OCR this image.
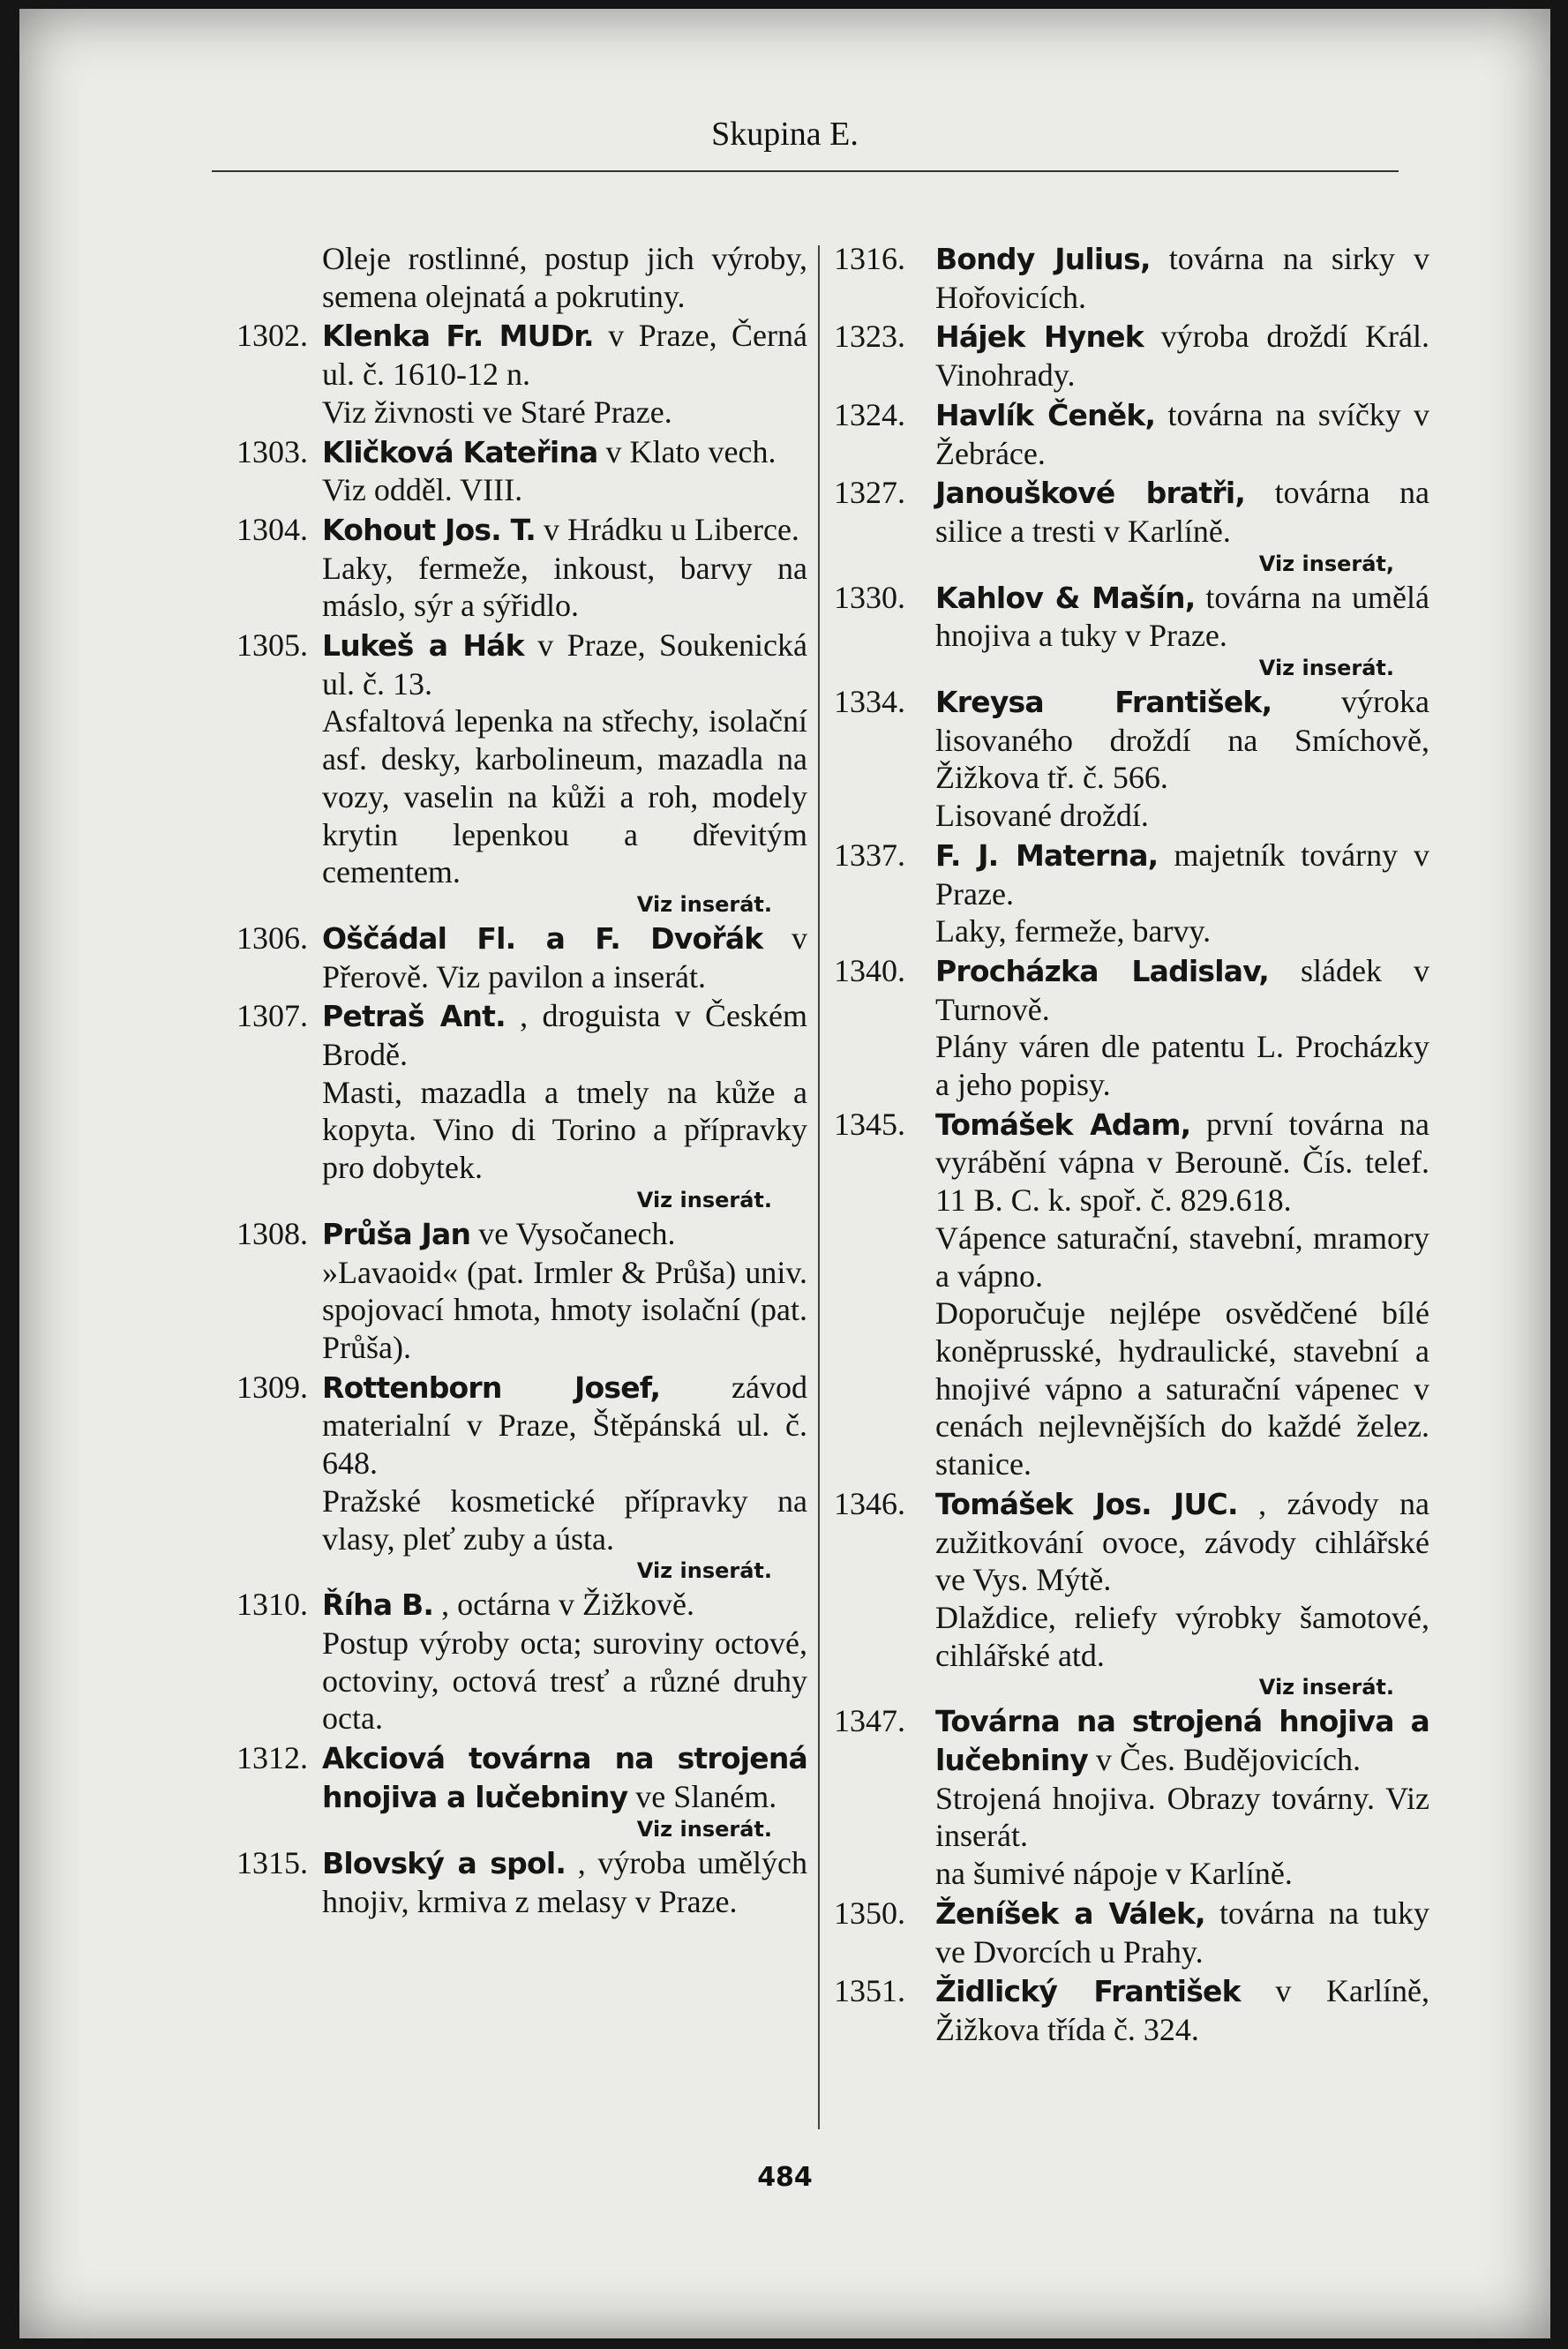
Skupina E.

Oleje rostlinné, postup jich výroby, semena olejnatá a pokrutiny.

1302. Klenka Fr. MUDr. v Praze, Černá ul. č. 1610-12 n.

Viz živnosti ve Staré Praze.

1303. Kličková Kateřina v Klato vech.

Viz odděl. VIII.

1304. Kohout Jos. T. v Hrádku u Liberce.

Laky, fermeže, inkoust, barvy na máslo, sýr a sýřidlo.

1305. Lukeš a Hák v Praze, Soukenická ul. č. 13.

Asfaltová lepenka na střechy, isolační asf. desky, karbolineum, mazadla na vozy, vaselin na kůži a roh, modely krytin lepenkou a dřevitým cementem.

Viz inserát.
1306. Oščádal Fl. a F. Dvořák v Přerově. Viz pavilon a inserát.

1307. Petraš Ant. , droguista v Českém Brodě.

Masti, mazadla a tmely na kůže a kopyta. Vino di Torino a přípravky pro dobytek.

Viz inserát.
1308. Průša Jan ve Vysočanech.

»Lavaoid« (pat. Irmler & Průša) univ. spojovací hmota, hmoty isolační (pat. Průša).

1309. Rottenborn Josef, závod materialní v Praze, Štěpánská ul. č. 648.

Pražské kosmetické přípravky na vlasy, pleť zuby a ústa.

Viz inserát.
1310. Říha B. , octárna v Žižkově.

Postup výroby octa; suroviny octové, octoviny, octová tresť a různé druhy octa.

1312. Akciová továrna na strojená hnojiva a lučebniny ve Slaném.

Viz inserát.
1315. Blovský a spol. , výroba umělých hnojiv, krmiva z melasy v Praze.

1316. Bondy Julius, továrna na sirky v Hořovicích.

1323. Hájek Hynek výroba droždí Král. Vinohrady.

1324. Havlík Čeněk, továrna na svíčky v Žebráce.

1327. Janouškové bratři, továrna na silice a tresti v Karlíně.

Viz inserát,
1330. Kahlov & Mašín, továrna na umělá hnojiva a tuky v Praze.

Viz inserát.
1334. Kreysa František, výroka lisovaného droždí na Smíchově, Žižkova tř. č. 566.

Lisované droždí.

1337. F. J. Materna, majetník továrny v Praze.

Laky, fermeže, barvy.

1340. Procházka Ladislav, sládek v Turnově.

Plány váren dle patentu L. Procházky a jeho popisy.

1345. Tomášek Adam, první továrna na vyrábění vápna v Berouně. Čís. telef. 11 B. C. k. spoř. č. 829.618.

Vápence saturační, stavební, mramory a vápno.

Doporučuje nejlépe osvědčené bílé koněprusské, hydraulické, stavební a hnojivé vápno a saturační vápenec v cenách nejlevnějších do každé želez. stanice.

1346. Tomášek Jos. JUC. , závody na zužitkování ovoce, závody cihlářské ve Vys. Mýtě.

Dlaždice, reliefy výrobky šamotové, cihlářské atd.

Viz inserát.
1347. Továrna na strojená hnojiva a lučebniny v Čes. Budějovicích.

Strojená hnojiva. Obrazy továrny. Viz inserát.

na šumivé nápoje v Karlíně.

1350. Ženíšek a Válek, továrna na tuky ve Dvorcích u Prahy.

1351. Židlický František v Karlíně, Žižkova třída č. 324.

484
